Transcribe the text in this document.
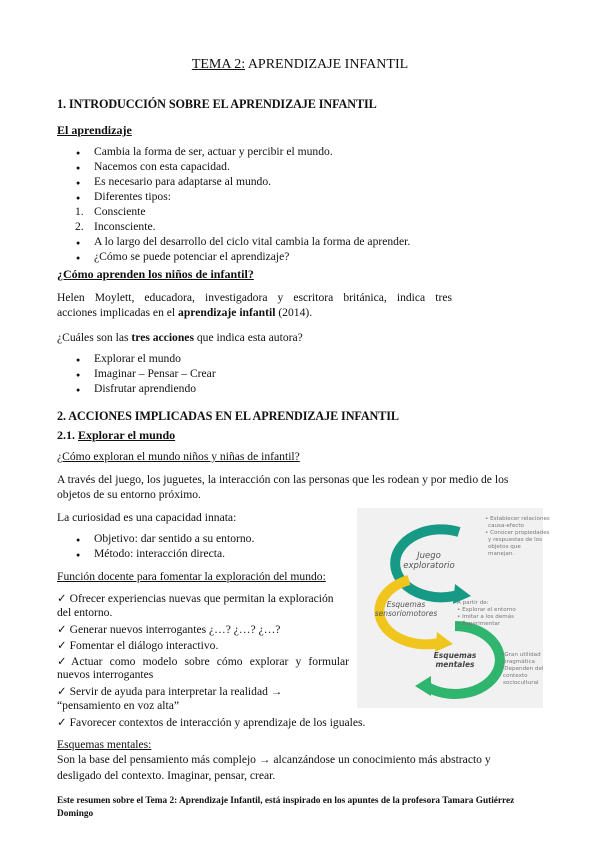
TEMA 2: APRENDIZAJE INFANTIL
1. INTRODUCCIÓN SOBRE EL APRENDIZAJE INFANTIL
El aprendizaje
● Cambia la forma de ser, actuar y percibir el mundo.
● Nacemos con esta capacidad.
● Es necesario para adaptarse al mundo.
● Diferentes tipos:
1. Consciente
2. Inconsciente.
● A lo largo del desarrollo del ciclo vital cambia la forma de aprender.
● ¿Cómo se puede potenciar el aprendizaje?
¿Cómo aprenden los niños de infantil?
Helen Moylett, educadora, investigadora y escritora británica, indica tres
acciones implicadas en el aprendizaje infantil (2014).
¿Cuáles son las tres acciones que indica esta autora?
● Explorar el mundo
● Imaginar – Pensar – Crear
● Disfrutar aprendiendo
2. ACCIONES IMPLICADAS EN EL APRENDIZAJE INFANTIL
2.1. Explorar el mundo
¿Cómo exploran el mundo niños y niñas de infantil?
A través del juego, los juguetes, la interacción con las personas que les rodean y por medio de los
objetos de su entorno próximo.
La curiosidad es una capacidad innata:
● Objetivo: dar sentido a su entorno.
● Método: interacción directa.
Función docente para fomentar la exploración del mundo:
✓ Ofrecer experiencias nuevas que permitan la exploración
del entorno.
✓ Generar nuevos interrogantes ¿…? ¿…? ¿…?
✓ Fomentar el diálogo interactivo.
✓Actuar como modelo sobre cómo explorar y formular
nuevos interrogantes
✓ Servir de ayuda para interpretar la realidad →
“pensamiento en voz alta”
✓ Favorecer contextos de interacción y aprendizaje de los iguales.
Esquemas mentales:
Son la base del pensamiento más complejo → alcanzándose un conocimiento más abstracto y
desligado del contexto. Imaginar, pensar, crear.
Juego
exploratorio
Esquemas
sensoriomotores
Esquemas
mentales
• Establecer relaciones
causa-efecto
• Conocer propiedades
y respuestas de los
objetos que
manejan.
A partir de:
• Explorar el entorno
• Imitar a los demás
• Experimentar
•Gran utilidad
pragmática
•Dependen del
contexto
sociocultural
Este resumen sobre el Tema 2: Aprendizaje Infantil, está inspirado en los apuntes de la profesora Tamara Gutiérrez
Domingo
